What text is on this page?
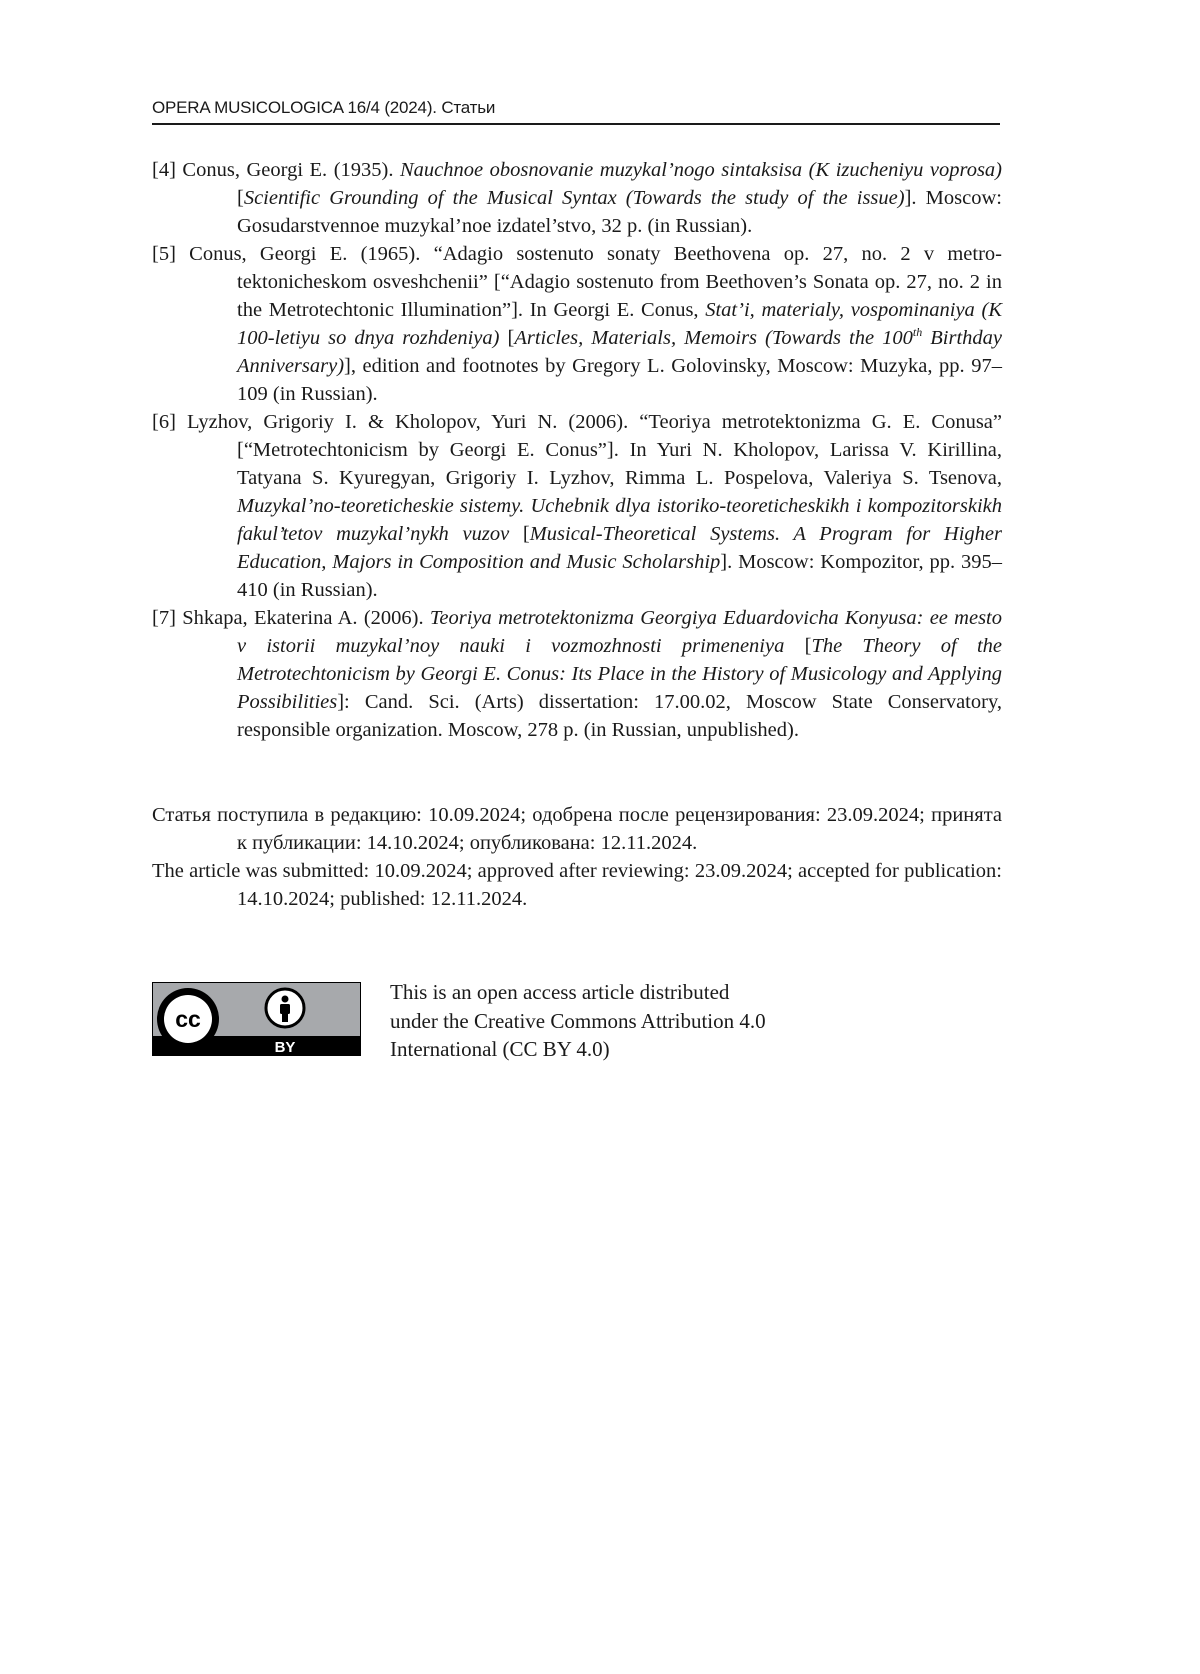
OPERA MUSICOLOGICA 16/4 (2024). Статьи

[4] Conus, Georgi E. (1935). Nauchnoe obosnovanie muzykal’nogo sintaksisa (K izucheniyu voprosa) [Scientific Grounding of the Musical Syntax (Towards the study of the issue)]. Moscow: Gosudarstvennoe muzykal’noe izdatel’stvo, 32 p. (in Russian).

[5] Conus, Georgi E. (1965). “Adagio sostenuto sonaty Beethovena op. 27, no. 2 v metro-tektonicheskom osveshchenii” [“Adagio sostenuto from Beethoven’s Sonata op. 27, no. 2 in the Metrotechtonic Illumination”]. In Georgi E. Conus, Stat’i, materialy, vospominaniya (K 100-letiyu so dnya rozhdeniya) [Articles, Materials, Memoirs (Towards the 100th Birthday Anniversary)], edition and footnotes by Gregory L. Golovinsky, Moscow: Muzyka, pp. 97–109 (in Russian).

[6] Lyzhov, Grigoriy I. & Kholopov, Yuri N. (2006). “Teoriya metrotektonizma G. E. Conusa” [“Metrotechtonicism by Georgi E. Conus”]. In Yuri N. Kholopov, Larissa V. Kirillina, Tatyana S. Kyuregyan, Grigoriy I. Lyzhov, Rimma L. Pospelova, Valeriya S. Tsenova, Muzykal’no-teoreticheskie sistemy. Uchebnik dlya istoriko-teoreticheskikh i kompozitorskikh fakul’tetov muzykal’nykh vuzov [Musical-Theoretical Systems. A Program for Higher Education, Majors in Composition and Music Scholarship]. Moscow: Kompozitor, pp. 395–410 (in Russian).

[7] Shkapa, Ekaterina A. (2006). Teoriya metrotektonizma Georgiya Eduardovicha Konyusa: ee mesto v istorii muzykal’noy nauki i vozmozhnosti primeneniya [The Theory of the Metrotechtonicism by Georgi E. Conus: Its Place in the History of Musicology and Applying Possibilities]: Cand. Sci. (Arts) dissertation: 17.00.02, Moscow State Conservatory, responsible organization. Moscow, 278 p. (in Russian, unpublished).

Статья поступила в редакцию: 10.09.2024; одобрена после рецензирования: 23.09.2024; принята к публикации: 14.10.2024; опубликована: 12.11.2024.

The article was submitted: 10.09.2024; approved after reviewing: 23.09.2024; accepted for publication: 14.10.2024; published: 12.11.2024.

cc
BY
This is an open access article distributed
under the Creative Commons Attribution 4.0
International (CC BY 4.0)
